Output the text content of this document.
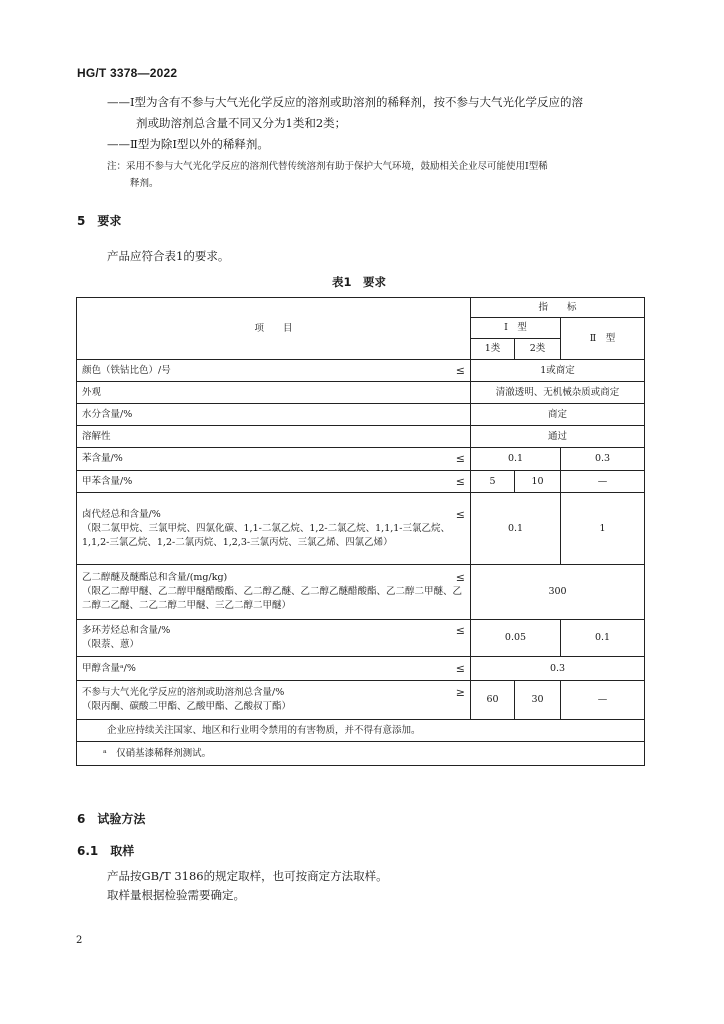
HG/T 3378—2022
——Ⅰ型为含有不参与大气光化学反应的溶剂或助溶剂的稀释剂，按不参与大气光化学反应的溶
剂或助溶剂总含量不同又分为1类和2类；
——Ⅱ型为除Ⅰ型以外的稀释剂。
注：采用不参与大气光化学反应的溶剂代替传统溶剂有助于保护大气环境，鼓励相关企业尽可能使用Ⅰ型稀
释剂。
5　要求
产品应符合表1的要求。
表1　要求
项　　目	指　　标		
	Ⅰ　型		Ⅱ　型
	1类	2类	

颜色（铁钴比色）/号 ≤	1或商定		
外观	清澈透明、无机械杂质或商定		
水分含量/%	商定		
溶解性	通过		

苯含量/% ≤	0.1		0.3

甲苯含量/% ≤	5	10	—

卤代烃总和含量/% ≤
（限二氯甲烷、三氯甲烷、四氯化碳、1,1-二氯乙烷、1,2-二氯乙烷、1,1,1-三氯乙烷、1,1,2-三氯乙烷、1,2-二氯丙烷、1,2,3-三氯丙烷、三氯乙烯、四氯乙烯）	0.1		1

乙二醇醚及醚酯总和含量/(mg/kg) ≤
（限乙二醇甲醚、乙二醇甲醚醋酸酯、乙二醇乙醚、乙二醇乙醚醋酸酯、乙二醇二甲醚、乙二醇二乙醚、二乙二醇二甲醚、三乙二醇二甲醚）	300		

多环芳烃总和含量/% ≤
（限萘、蒽）	0.05		0.1

甲醇含量ᵃ/% ≤	0.3		

不参与大气光化学反应的溶剂或助溶剂总含量/% ≥
（限丙酮、碳酸二甲酯、乙酸甲酯、乙酸叔丁酯）	60	30	—
企业应持续关注国家、地区和行业明令禁用的有害物质，并不得有意添加。			
ᵃ　仅硝基漆稀释剂测试。			
6　试验方法
6.1　取样
产品按GB/T 3186的规定取样，也可按商定方法取样。
取样量根据检验需要确定。
2
